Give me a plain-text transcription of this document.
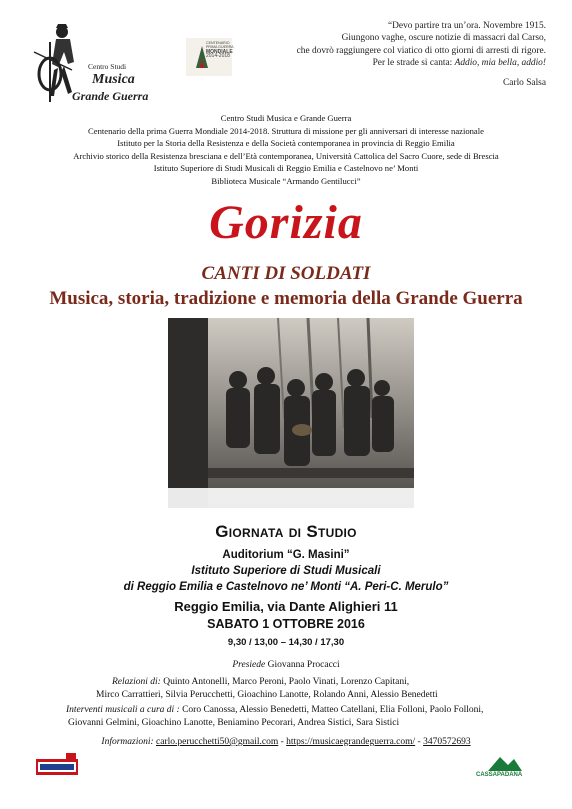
Centro Studi
Musica
Grande Guerra
CENTENARIO
PRIMA GUERRA
MONDIALE
2014-2018
“Devo partire tra un’ora. Novembre 1915.
Giungono vaghe, oscure notizie di massacri dal Carso,
che dovrò raggiungere col viatico di otto giorni di arresti di rigore.
Per le strade si canta: Addio, mia bella, addio!
Carlo Salsa
Centro Studi Musica e Grande Guerra
Centenario della prima Guerra Mondiale 2014-2018. Struttura di missione per gli anniversari di interesse nazionale
Istituto per la Storia della Resistenza e della Società contemporanea in provincia di Reggio Emilia
Archivio storico della Resistenza bresciana e dell’Età contemporanea, Università Cattolica del Sacro Cuore, sede di Brescia
Istituto Superiore di Studi Musicali di Reggio Emilia e Castelnovo ne’ Monti
Biblioteca Musicale “Armando Gentilucci”
Gorizia
CANTI DI SOLDATI
Musica, storia, tradizione e memoria della Grande Guerra
Giornata di Studio
Auditorium “G. Masini”
Istituto Superiore di Studi Musicali
di Reggio Emilia e Castelnovo ne’ Monti “A. Peri-C. Merulo”
Reggio Emilia, via Dante Alighieri 11
SABATO 1 OTTOBRE 2016
9,30 / 13,00 – 14,30 / 17,30
Presiede Giovanna Procacci
Relazioni di: Quinto Antonelli, Marco Peroni, Paolo Vinati, Lorenzo Capitani,
Mirco Carrattieri, Silvia Perucchetti, Gioachino Lanotte, Rolando Anni, Alessio Benedetti
Interventi musicali a cura di : Coro Canossa, Alessio Benedetti, Matteo Catellani, Elia Folloni, Paolo Folloni,
Giovanni Gelmini, Gioachino Lanotte, Beniamino Pecorari, Andrea Sistici, Sara Sistici
Informazioni: carlo.perucchetti50@gmail.com - https://musicaegrandeguerra.com/ - 3470572693
CASSAPADANA
